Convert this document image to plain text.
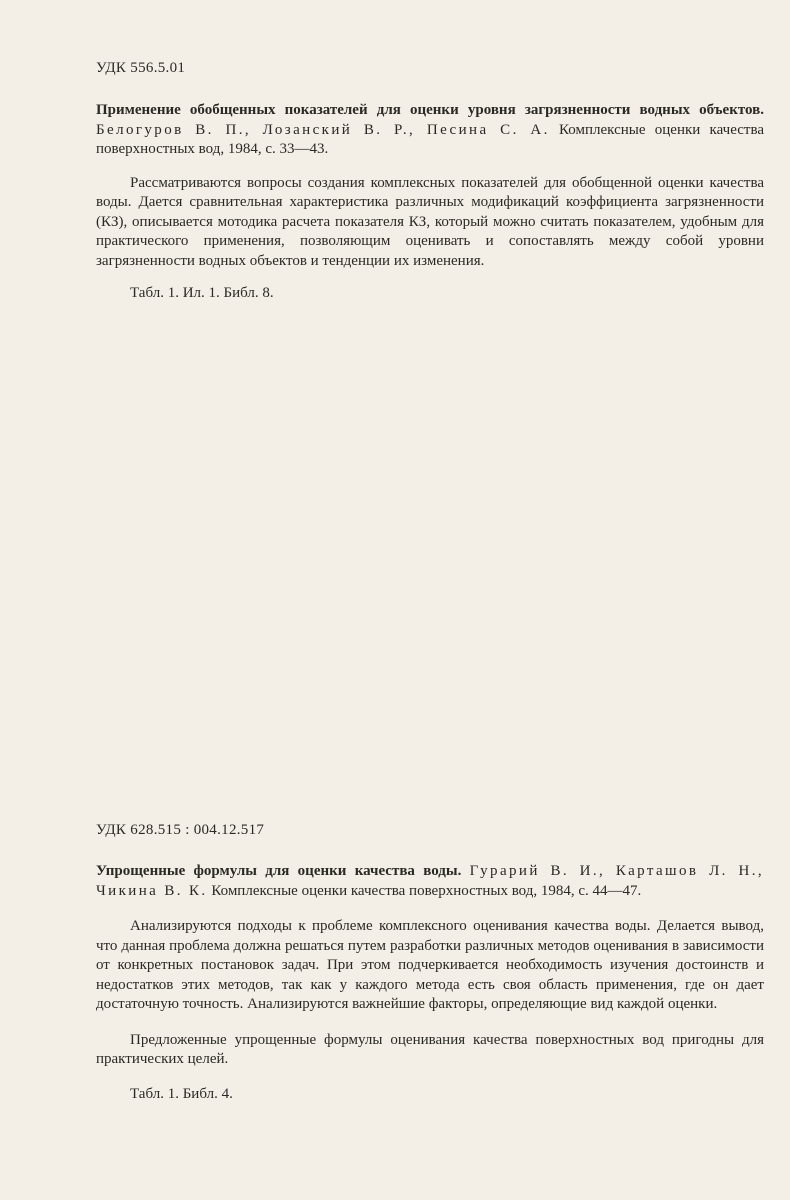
УДК 556.5.01

Применение обобщенных показателей для оценки уровня загрязненности водных объектов. Белогуров В. П., Лозанский В. Р., Песина С. А. Комплексные оценки качества поверхностных вод, 1984, с. 33—43.

Рассматриваются вопросы создания комплексных показателей для обобщенной оценки качества воды. Дается сравнительная характеристика различных модификаций коэффициента загрязненности (КЗ), описывается мотодика расчета показателя КЗ, который можно считать показателем, удобным для практического применения, позволяющим оценивать и сопоставлять между собой уровни загрязненности водных объектов и тенденции их изменения.

Табл. 1. Ил. 1. Библ. 8.

УДК 628.515 : 004.12.517

Упрощенные формулы для оценки качества воды. Гурарий В. И., Карташов Л. Н., Чикина В. К. Комплексные оценки качества поверхностных вод, 1984, с. 44—47.

Анализируются подходы к проблеме комплексного оценивания качества воды. Делается вывод, что данная проблема должна решаться путем разработки различных методов оценивания в зависимости от конкретных постановок задач. При этом подчеркивается необходимость изучения достоинств и недостатков этих методов, так как у каждого метода есть своя область применения, где он дает достаточную точность. Анализируются важнейшие факторы, определяющие вид каждой оценки.

Предложенные упрощенные формулы оценивания качества поверхностных вод пригодны для практических целей.

Табл. 1. Библ. 4.
